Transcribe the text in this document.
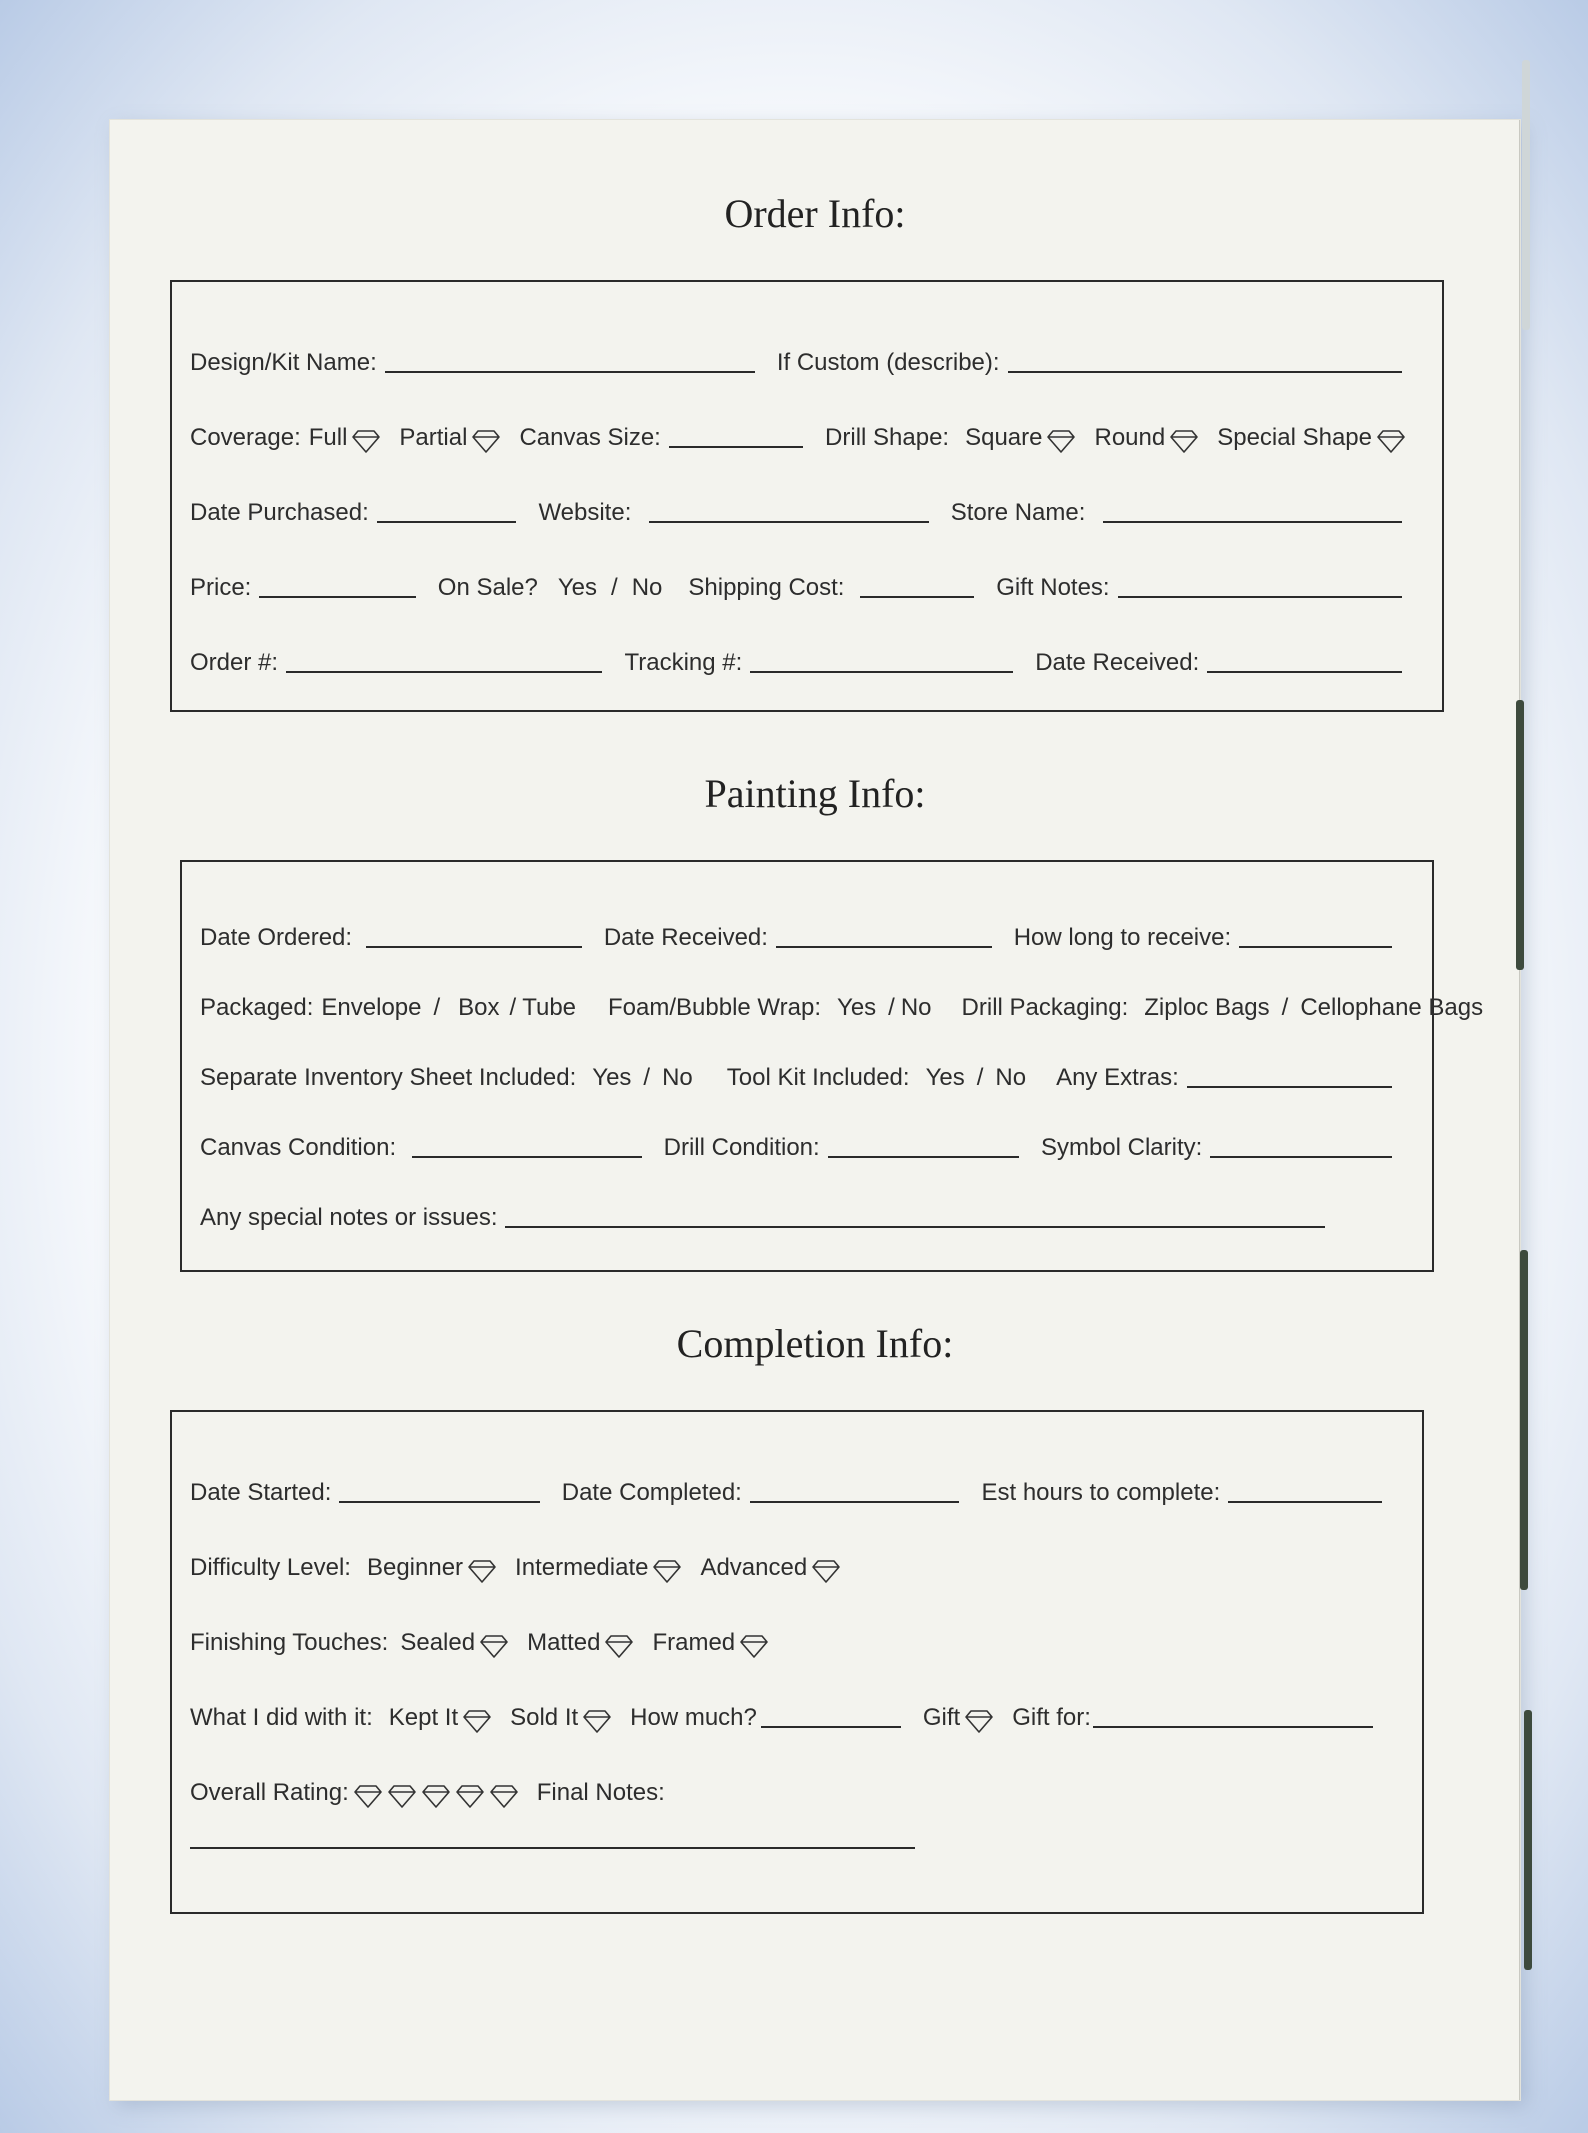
Order Info:
Design/Kit Name:	If Custom (describe):
Coverage: Full Partial Canvas Size:	Drill Shape: Square Round Special Shape
Date Purchased:	Website:	Store Name:
Price:	On Sale? Yes / No Shipping Cost:	Gift Notes:
Order #:	Tracking #:	Date Received:
Painting Info:
Date Ordered:	Date Received:	How long to receive:
Packaged: Envelope / Box / Tube Foam/Bubble Wrap: Yes / No Drill Packaging: Ziploc Bags / Cellophane Bags
Separate Inventory Sheet Included: Yes / No Tool Kit Included: Yes / No Any Extras:
Canvas Condition:	Drill Condition:	Symbol Clarity:
Any special notes or issues:
Completion Info:
Date Started:	Date Completed:	Est hours to complete:
Difficulty Level: Beginner Intermediate Advanced
Finishing Touches: Sealed Matted Framed
What I did with it: Kept It Sold It How much?	Gift Gift for:
Overall Rating:	Final Notes:
